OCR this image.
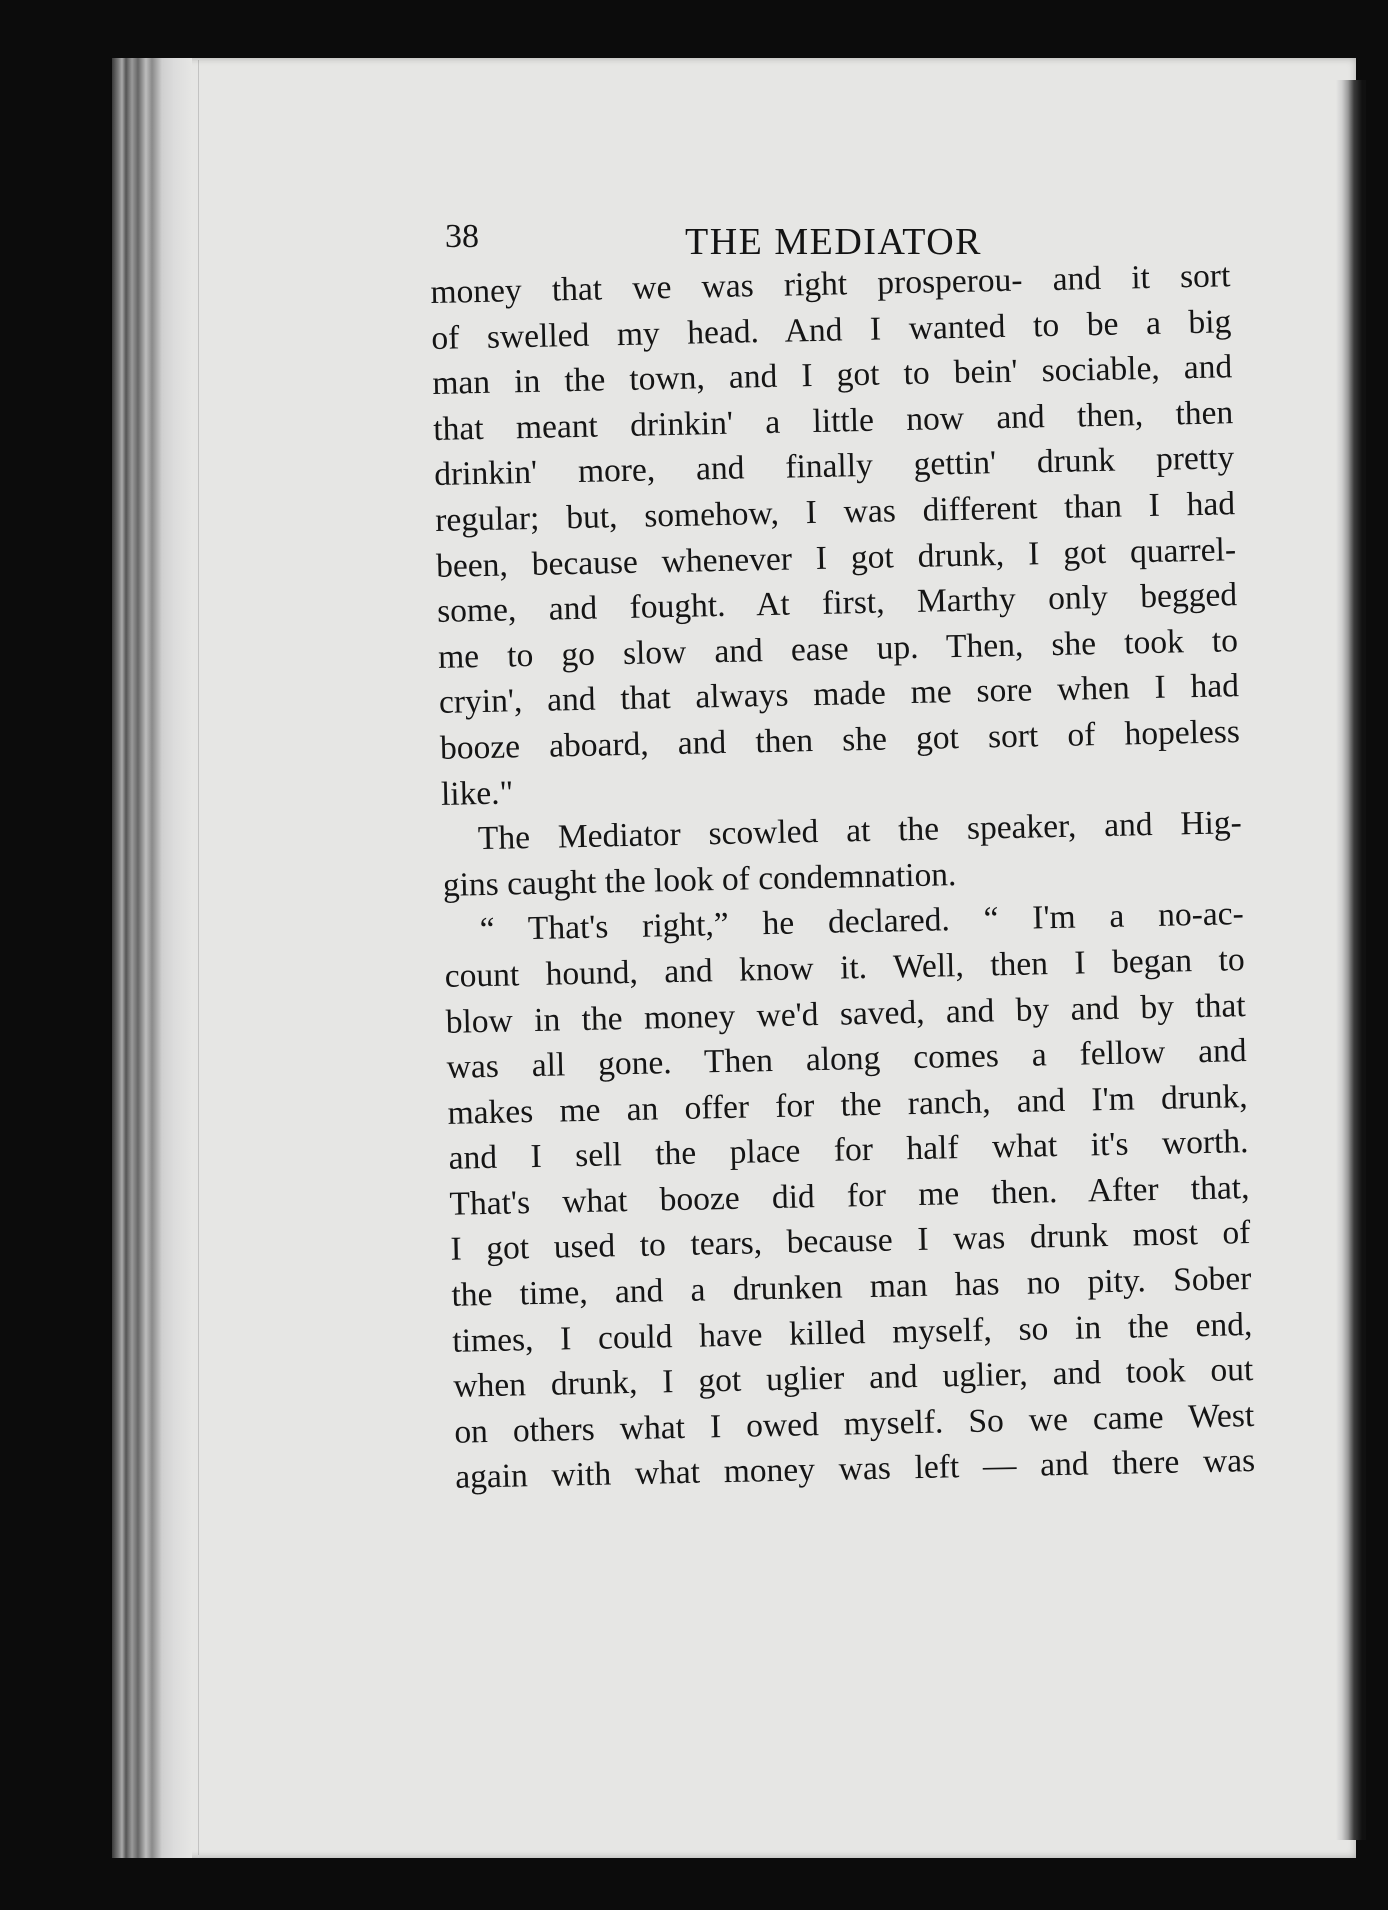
38	THE MEDIATOR
money that we was right prosperou- and it sort
of swelled my head. And I wanted to be a big
man in the town, and I got to bein' sociable, and
that meant drinkin' a little now and then, then
drinkin' more, and finally gettin' drunk pretty
regular; but, somehow, I was different than I had
been, because whenever I got drunk, I got quarrel-
some, and fought. At first, Marthy only begged
me to go slow and ease up. Then, she took to
cryin', and that always made me sore when I had
booze aboard, and then she got sort of hopeless
like."
The Mediator scowled at the speaker, and Hig-
gins caught the look of condemnation.
“ That's right,” he declared. “ I'm a no-ac-
count hound, and know it. Well, then I began to
blow in the money we'd saved, and by and by that
was all gone. Then along comes a fellow and
makes me an offer for the ranch, and I'm drunk,
and I sell the place for half what it's worth.
That's what booze did for me then. After that,
I got used to tears, because I was drunk most of
the time, and a drunken man has no pity. Sober
times, I could have killed myself, so in the end,
when drunk, I got uglier and uglier, and took out
on others what I owed myself. So we came West
again with what money was left — and there was
